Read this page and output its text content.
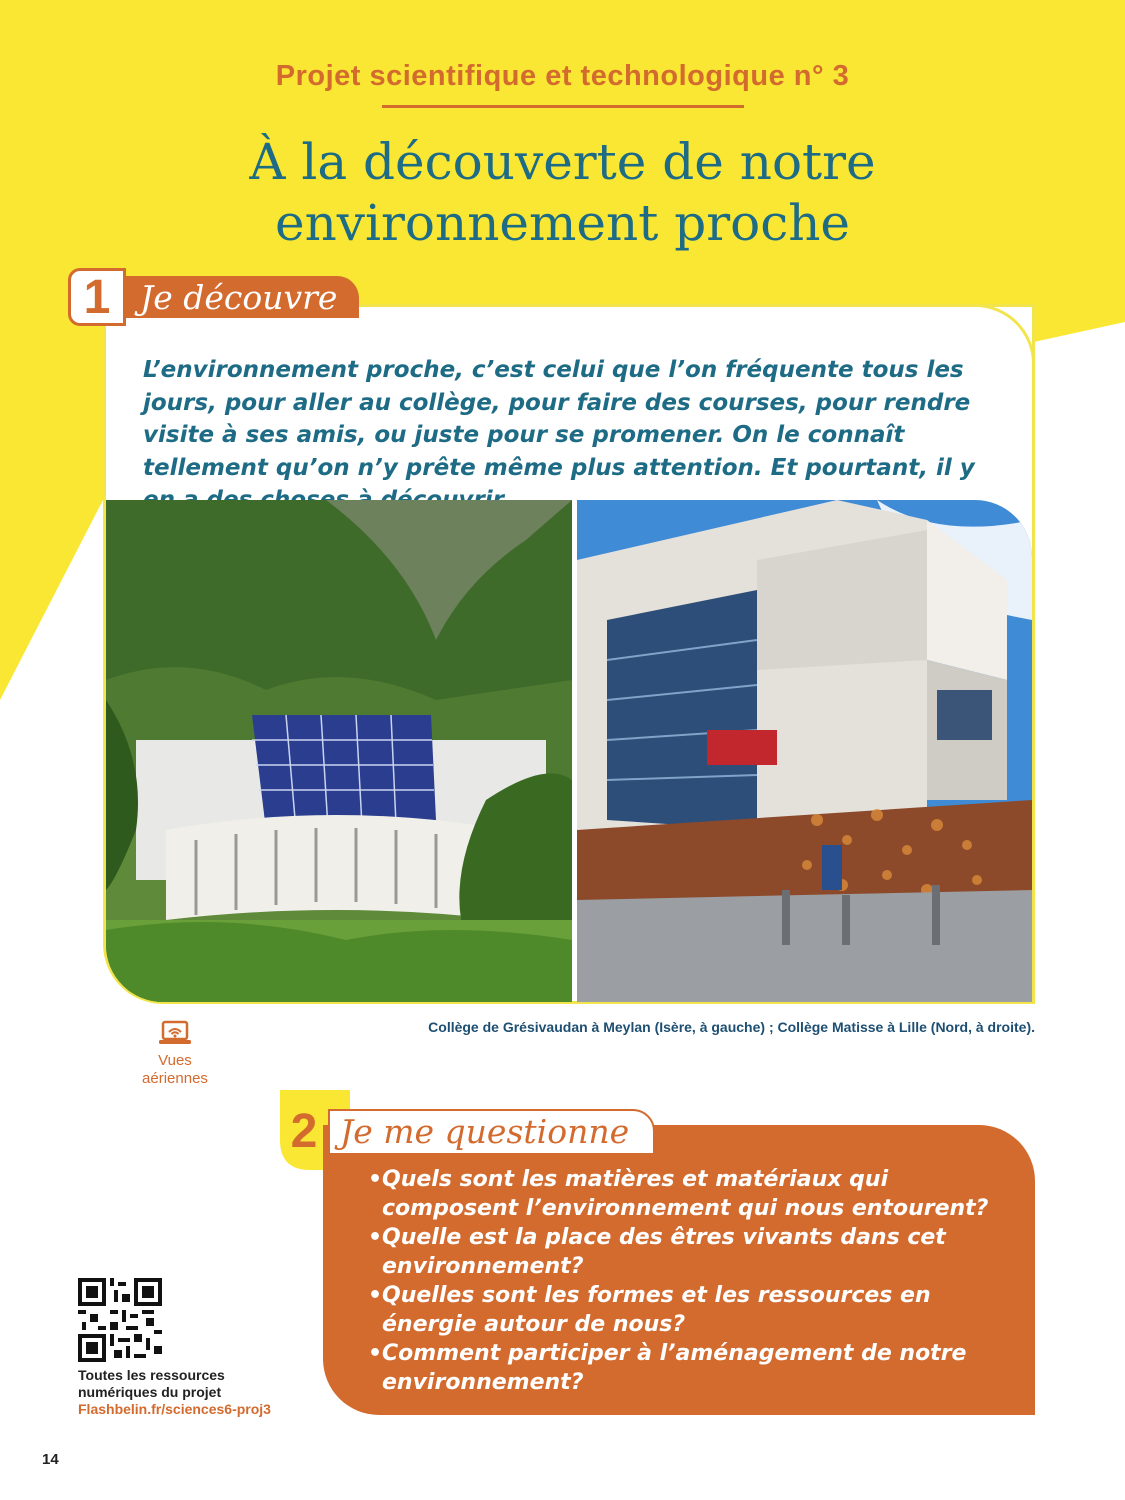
Projet scientifique et technologique n° 3
À la découverte de notre
environnement proche
1 Je découvre
L’environnement proche, c’est celui que l’on fréquente tous les jours, pour aller au collège, pour faire des courses, pour rendre visite à ses amis, ou juste pour se promener. On le connaît tellement qu’on n’y prête même plus attention. Et pourtant, il y
Collège de Grésivaudan à Meylan (Isère, à gauche) ; Collège Matisse à Lille (Nord, à droite).
Vues
aériennes
2 Je me questionne
• Quels sont les matières et matériaux qui composent l’environnement qui nous entourent?
• Quelle est la place des êtres vivants dans cet environnement?
• Quelles sont les formes et les ressources en énergie autour de nous?
• Comment participer à l’aménagement de notre environnement?
Toutes les ressources
numériques du projet
Flashbelin.fr/sciences6-proj3
14
